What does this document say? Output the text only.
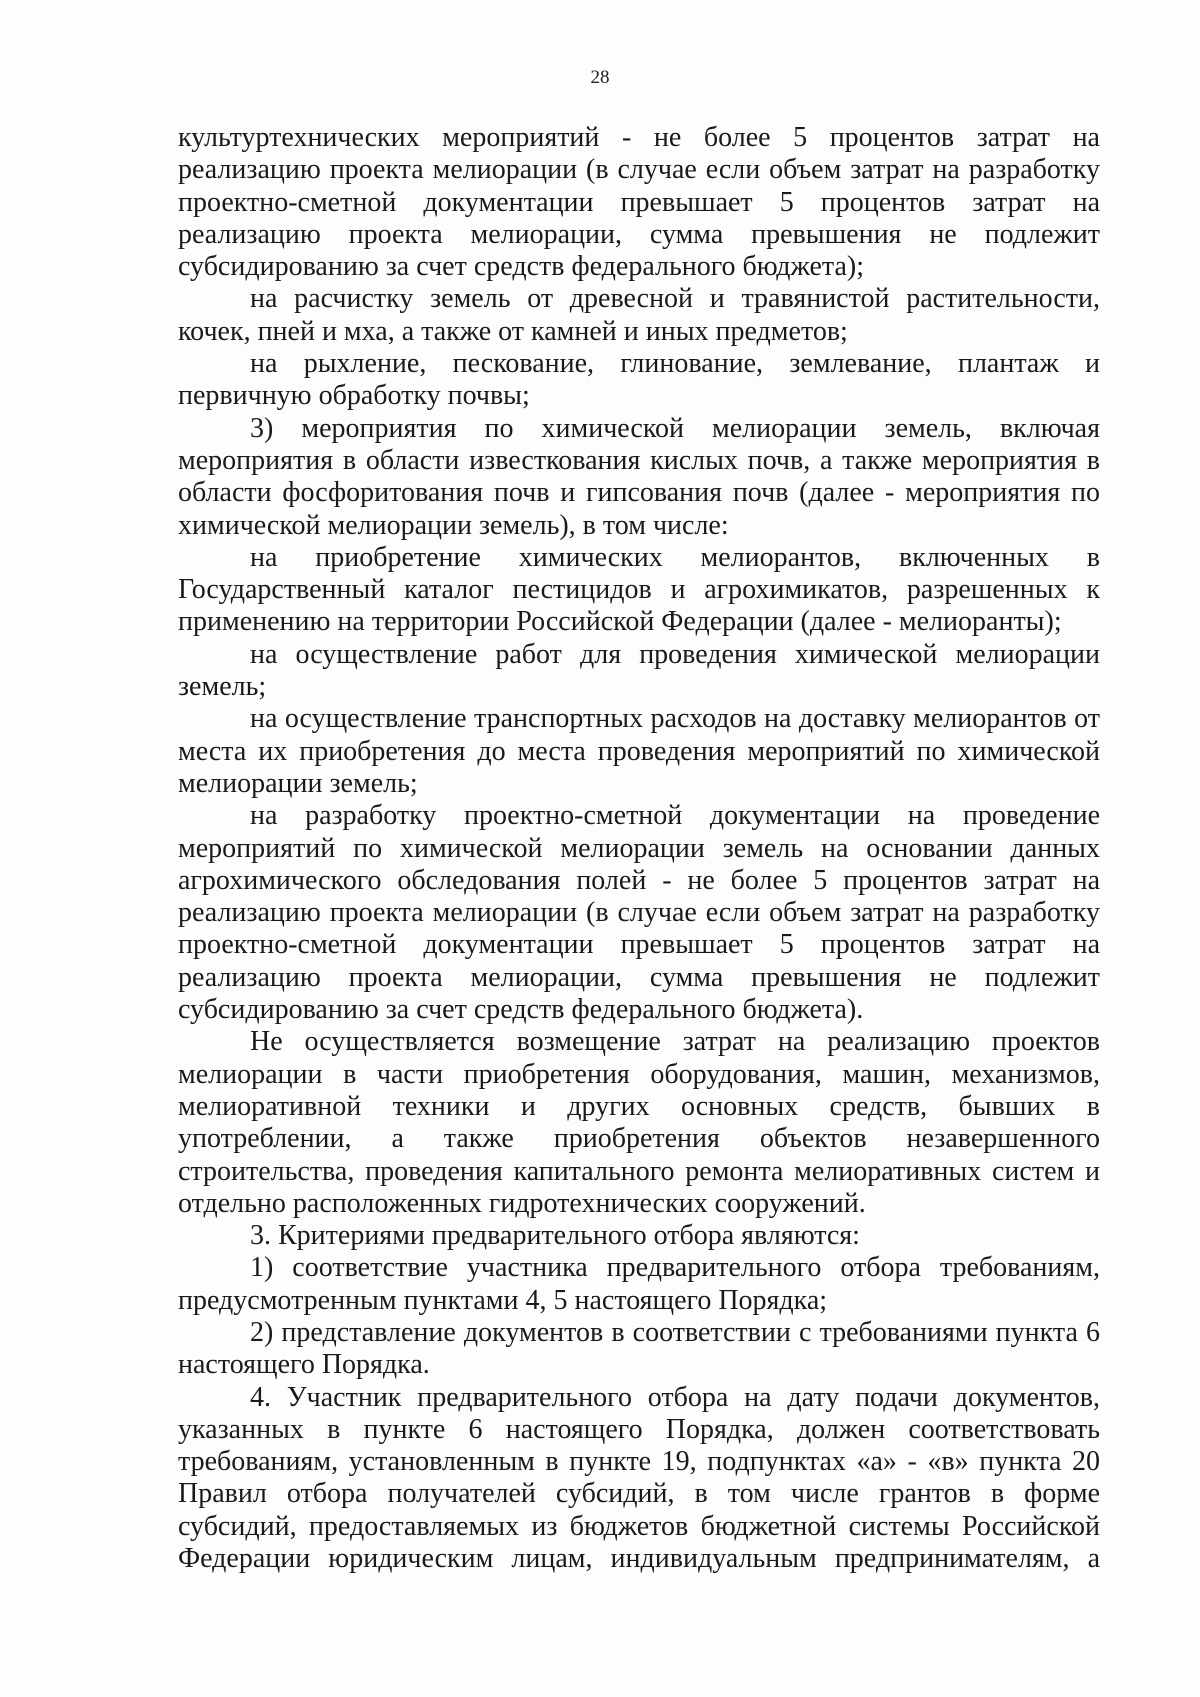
28

культуртехнических мероприятий - не более 5 процентов затрат на реализацию проекта мелиорации (в случае если объем затрат на разработку проектно-сметной документации превышает 5 процентов затрат на реализацию проекта мелиорации, сумма превышения не подлежит субсидированию за счет средств федерального бюджета);

на расчистку земель от древесной и травянистой растительности, кочек, пней и мха, а также от камней и иных предметов;

на рыхление, пескование, глинование, землевание, плантаж и первичную обработку почвы;

3) мероприятия по химической мелиорации земель, включая мероприятия в области известкования кислых почв, а также мероприятия в области фосфоритования почв и гипсования почв (далее - мероприятия по химической мелиорации земель), в том числе:

на приобретение химических мелиорантов, включенных в Государственный каталог пестицидов и агрохимикатов, разрешенных к применению на территории Российской Федерации (далее - мелиоранты);

на осуществление работ для проведения химической мелиорации земель;

на осуществление транспортных расходов на доставку мелиорантов от места их приобретения до места проведения мероприятий по химической мелиорации земель;

на разработку проектно-сметной документации на проведение мероприятий по химической мелиорации земель на основании данных агрохимического обследования полей - не более 5 процентов затрат на реализацию проекта мелиорации (в случае если объем затрат на разработку проектно-сметной документации превышает 5 процентов затрат на реализацию проекта мелиорации, сумма превышения не подлежит субсидированию за счет средств федерального бюджета).

Не осуществляется возмещение затрат на реализацию проектов мелиорации в части приобретения оборудования, машин, механизмов, мелиоративной техники и других основных средств, бывших в употреблении, а также приобретения объектов незавершенного строительства, проведения капитального ремонта мелиоративных систем и отдельно расположенных гидротехнических сооружений.

3. Критериями предварительного отбора являются:

1) соответствие участника предварительного отбора требованиям, предусмотренным пунктами 4, 5 настоящего Порядка;

2) представление документов в соответствии с требованиями пункта 6 настоящего Порядка.

4. Участник предварительного отбора на дату подачи документов, указанных в пункте 6 настоящего Порядка, должен соответствовать требованиям, установленным в пункте 19, подпунктах «а» - «в» пункта 20 Правил отбора получателей субсидий, в том числе грантов в форме субсидий, предоставляемых из бюджетов бюджетной системы Российской Федерации юридическим лицам, индивидуальным предпринимателям, а
